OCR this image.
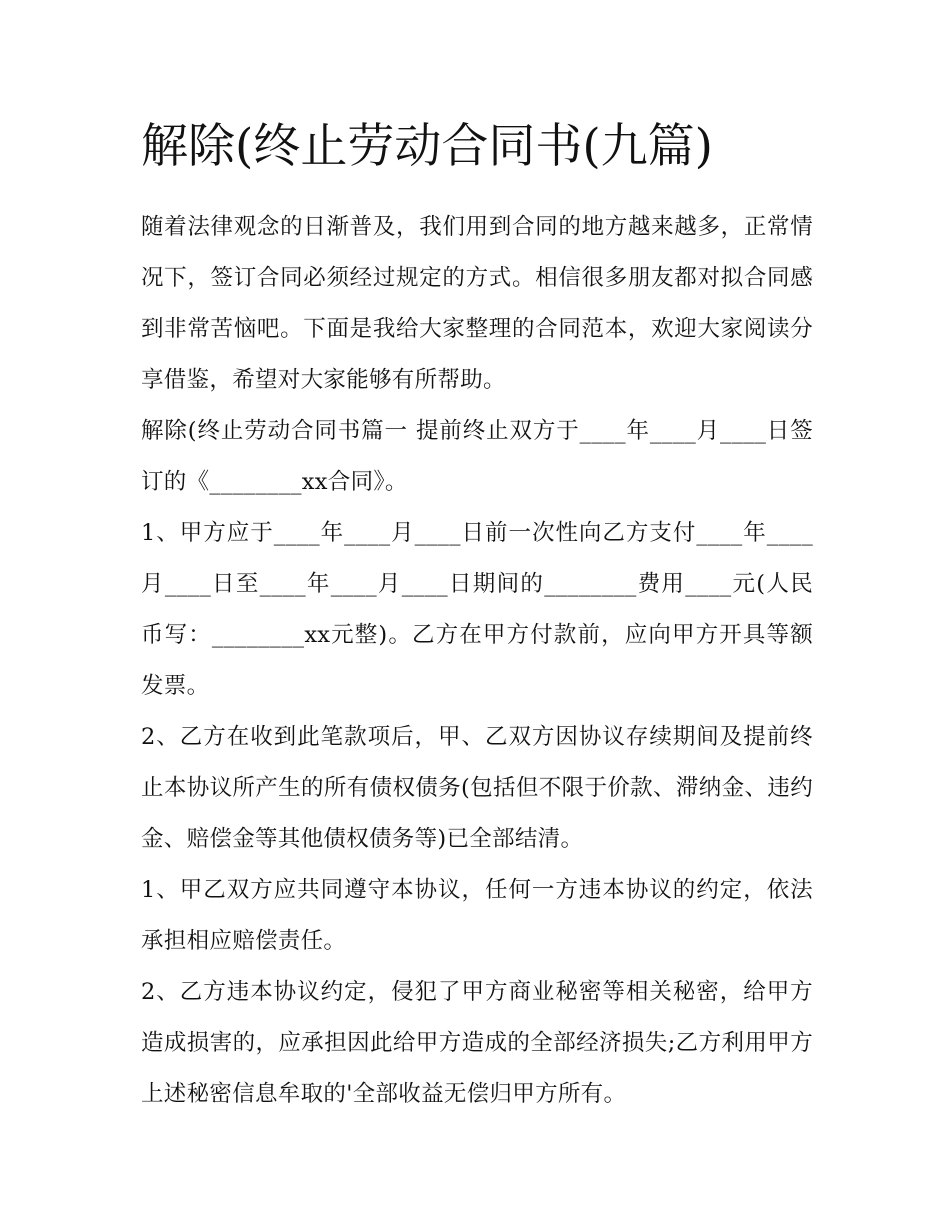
解除(终止劳动合同书(九篇)

随着法律观念的日渐普及，我们用到合同的地方越来越多，正常情况下，签订合同必须经过规定的方式。相信很多朋友都对拟合同感到非常苦恼吧。下面是我给大家整理的合同范本，欢迎大家阅读分享借鉴，希望对大家能够有所帮助。

解除(终止劳动合同书篇一 提前终止双方于____年____月____日签订的《________xx合同》。

1、甲方应于____年____月____日前一次性向乙方支付____年____月____日至____年____月____日期间的________费用____元(人民币写：________xx元整)。乙方在甲方付款前，应向甲方开具等额发票。

2、乙方在收到此笔款项后，甲、乙双方因协议存续期间及提前终止本协议所产生的所有债权债务(包括但不限于价款、滞纳金、违约金、赔偿金等其他债权债务等)已全部结清。

1、甲乙双方应共同遵守本协议，任何一方违本协议的约定，依法承担相应赔偿责任。

2、乙方违本协议约定，侵犯了甲方商业秘密等相关秘密，给甲方造成损害的，应承担因此给甲方造成的全部经济损失;乙方利用甲方上述秘密信息牟取的'全部收益无偿归甲方所有。
